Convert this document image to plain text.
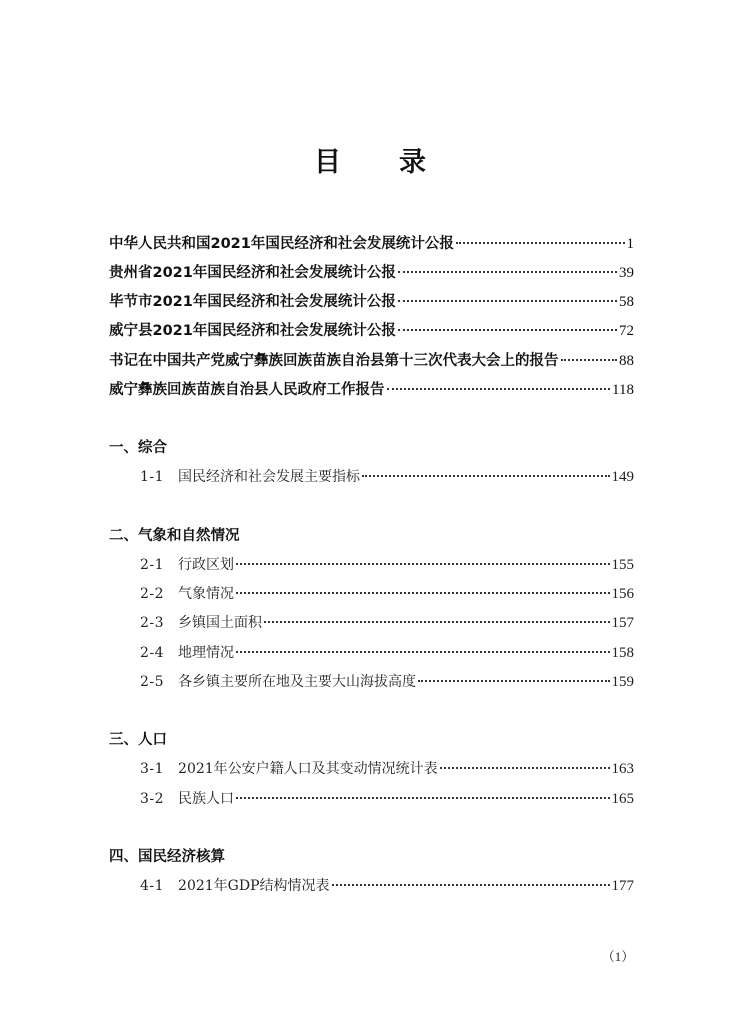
目 录
中华人民共和国2021年国民经济和社会发展统计公报	1
贵州省2021年国民经济和社会发展统计公报	39
毕节市2021年国民经济和社会发展统计公报	58
威宁县2021年国民经济和社会发展统计公报	72
书记在中国共产党威宁彝族回族苗族自治县第十三次代表大会上的报告	88
威宁彝族回族苗族自治县人民政府工作报告	118
一、综合
1-1 国民经济和社会发展主要指标	149
二、气象和自然情况
2-1 行政区划	155
2-2 气象情况	156
2-3 乡镇国土面积	157
2-4 地理情况	158
2-5 各乡镇主要所在地及主要大山海拔高度	159
三、人口
3-1 2021年公安户籍人口及其变动情况统计表	163
3-2 民族人口	165
四、国民经济核算
4-1 2021年GDP结构情况表	177
（1）
